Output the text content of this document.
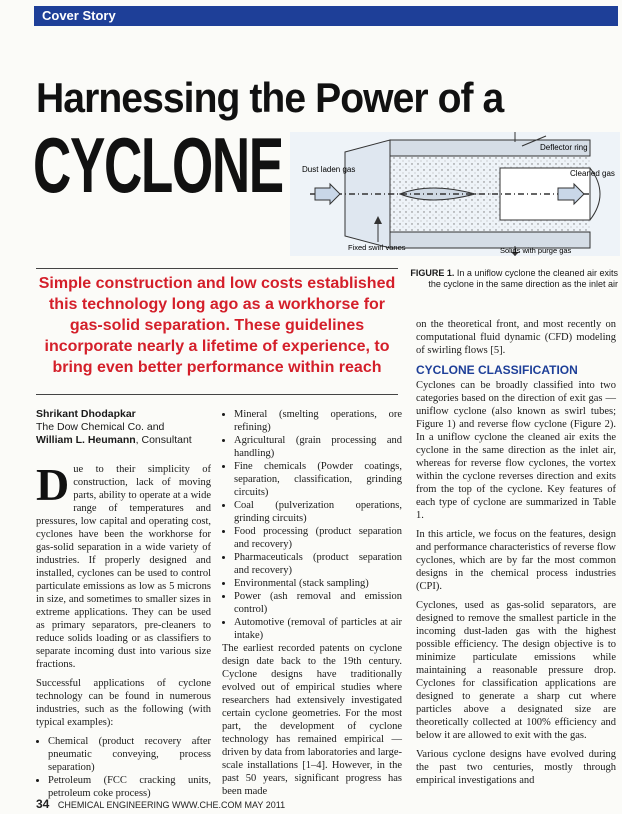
Cover Story
Harnessing the Power of a
CYCLONE Dust laden gas
Deflector ring
Cleaned gas
Fixed swirl vanes	Solids with purge gas
FIGURE 1. In a uniflow cyclone the cleaned air exits the cyclone in the same direction as the inlet air
Simple construction and low costs established this technology long ago as a workhorse for gas-solid separation. These guidelines incorporate nearly a lifetime of experience, to bring even better performance within reach
Shrikant Dhodapkar
The Dow Chemical Co. and
William L. Heumann, Consultant

Due to their simplicity of construction, lack of moving parts, ability to operate at a wide range of temperatures and pressures, low capital and operating cost, cyclones have been the workhorse for gas-solid separation in a wide variety of industries. If properly designed and installed, cyclones can be used to control particulate emissions as low as 5 microns in size, and sometimes to smaller sizes in extreme applications. They can be used as primary separators, pre-cleaners to reduce solids loading or as classifiers to separate incoming dust into various size fractions.

Successful applications of cyclone technology can be found in numerous industries, such as the following (with typical examples):

• Chemical (product recovery after pneumatic conveying, process separation)
• Petroleum (FCC cracking units, petroleum coke process)
• Mineral (smelting operations, ore refining)
• Agricultural (grain processing and handling)
• Fine chemicals (Powder coatings, separation, classification, grinding circuits)
• Coal (pulverization operations, grinding circuits)
• Food processing (product separation and recovery)
• Pharmaceuticals (product separation and recovery)
• Environmental (stack sampling)
• Power (ash removal and emission control)
• Automotive (removal of particles at air intake)

The earliest recorded patents on cyclone design date back to the 19th century. Cyclone designs have traditionally evolved out of empirical studies where researchers had extensively investigated certain cyclone geometries. For the most part, the development of cyclone technology has remained empirical — driven by data from laboratories and large-scale installations [1–4]. However, in the past 50 years, significant progress has been made

on the theoretical front, and most recently on computational fluid dynamic (CFD) modeling of swirling flows [5].

CYCLONE CLASSIFICATION

Cyclones can be broadly classified into two categories based on the direction of exit gas — uniflow cyclone (also known as swirl tubes; Figure 1) and reverse flow cyclone (Figure 2). In a uniflow cyclone the cleaned air exits the cyclone in the same direction as the inlet air, whereas for reverse flow cyclones, the vortex within the cyclone reverses direction and exits from the top of the cyclone. Key features of each type of cyclone are summarized in Table 1.

In this article, we focus on the features, design and performance characteristics of reverse flow cyclones, which are by far the most common designs in the chemical process industries (CPI).

Cyclones, used as gas-solid separators, are designed to remove the smallest particle in the incoming dust-laden gas with the highest possible efficiency. The design objective is to minimize particulate emissions while maintaining a reasonable pressure drop. Cyclones for classification applications are designed to generate a sharp cut where particles above a designated size are theoretically collected at 100% efficiency and below it are allowed to exit with the gas.

Various cyclone designs have evolved during the past two centuries, mostly through empirical investigations and

34 CHEMICAL ENGINEERING WWW.CHE.COM MAY 2011
